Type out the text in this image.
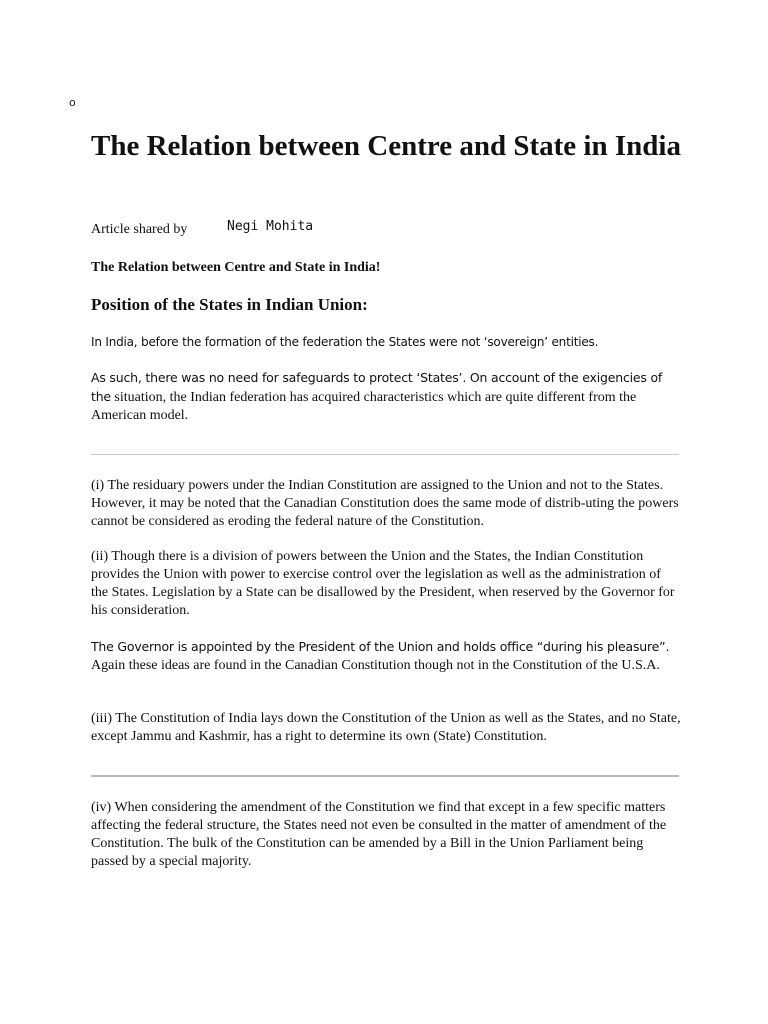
o
The Relation between Centre and State in India
Article shared by	Negi Mohita
The Relation between Centre and State in India!
Position of the States in Indian Union:

In India, before the formation of the federation the States were not ‘sovereign’ entities.

As such, there was no need for safeguards to protect ‘States’. On account of the exigencies of the situation, the Indian federation has acquired characteristics which are quite different from the American model.

(i) The residuary powers under the Indian Constitution are assigned to the Union and not to the States. However, it may be noted that the Canadian Constitution does the same mode of distrib-uting the powers cannot be considered as eroding the federal nature of the Constitution.

(ii) Though there is a division of powers between the Union and the States, the Indian Constitution provides the Union with power to exercise control over the legislation as well as the administration of the States. Legislation by a State can be disallowed by the President, when reserved by the Governor for his consideration.

The Governor is appointed by the President of the Union and holds office “during his pleasure”. Again these ideas are found in the Canadian Constitution though not in the Constitution of the U.S.A.

(iii) The Constitution of India lays down the Constitution of the Union as well as the States, and no State, except Jammu and Kashmir, has a right to determine its own (State) Constitution.

(iv) When considering the amendment of the Constitution we find that except in a few specific matters affecting the federal structure, the States need not even be consulted in the matter of amendment of the Constitution. The bulk of the Constitution can be amended by a Bill in the Union Parliament being passed by a special majority.
